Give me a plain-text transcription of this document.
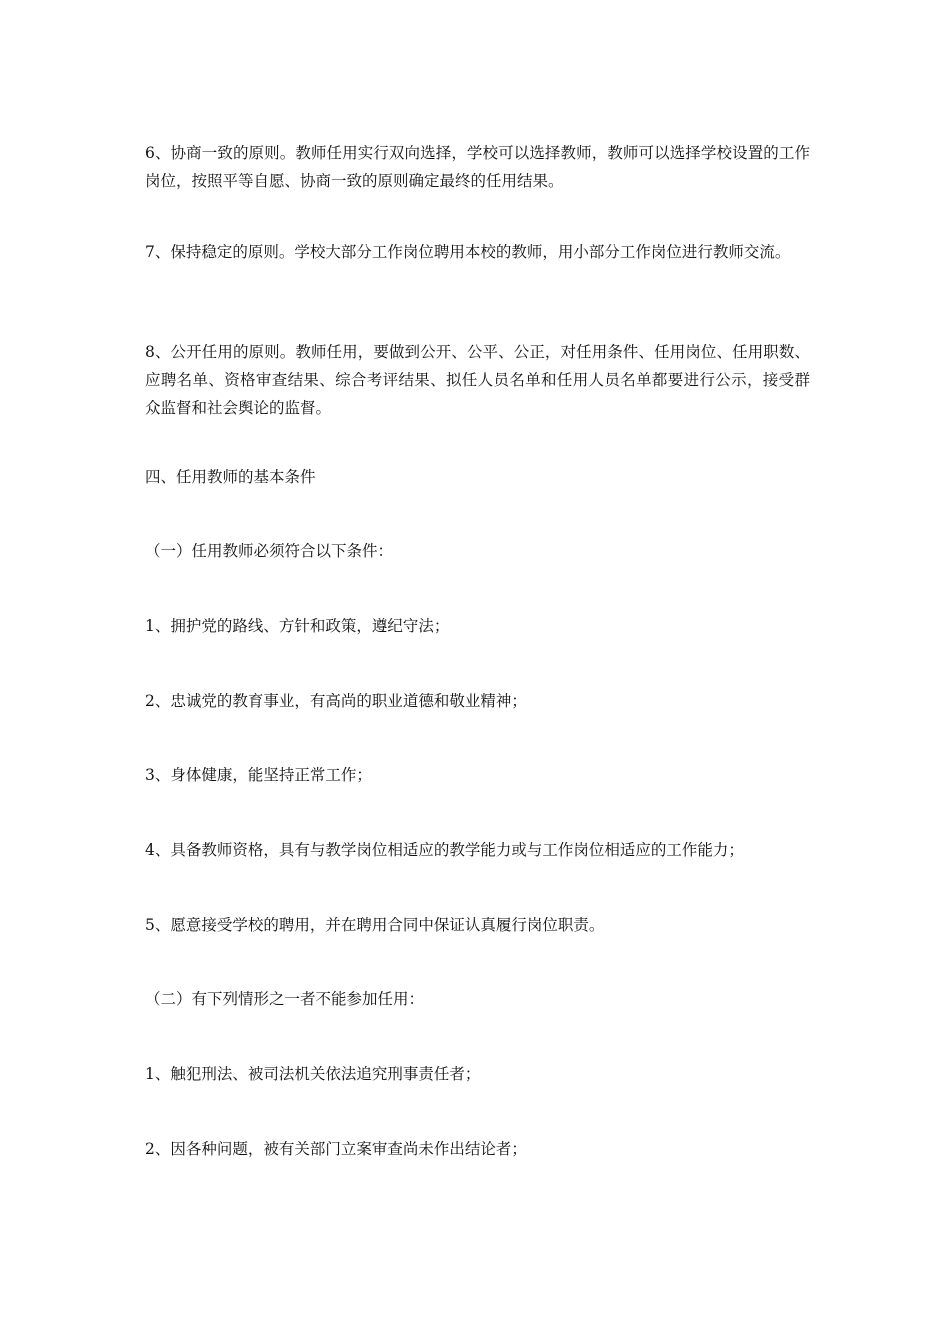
6、协商一致的原则。教师任用实行双向选择，学校可以选择教师，教师可以选择学校设置的工作岗位，按照平等自愿、协商一致的原则确定最终的任用结果。

7、保持稳定的原则。学校大部分工作岗位聘用本校的教师，用小部分工作岗位进行教师交流。

8、公开任用的原则。教师任用，要做到公开、公平、公正，对任用条件、任用岗位、任用职数、应聘名单、资格审查结果、综合考评结果、拟任人员名单和任用人员名单都要进行公示，接受群众监督和社会舆论的监督。

四、任用教师的基本条件

（一）任用教师必须符合以下条件：

1、拥护党的路线、方针和政策，遵纪守法；

2、忠诚党的教育事业，有高尚的职业道德和敬业精神；

3、身体健康，能坚持正常工作；

4、具备教师资格，具有与教学岗位相适应的教学能力或与工作岗位相适应的工作能力；

5、愿意接受学校的聘用，并在聘用合同中保证认真履行岗位职责。

（二）有下列情形之一者不能参加任用：

1、触犯刑法、被司法机关依法追究刑事责任者；

2、因各种问题，被有关部门立案审查尚未作出结论者；
